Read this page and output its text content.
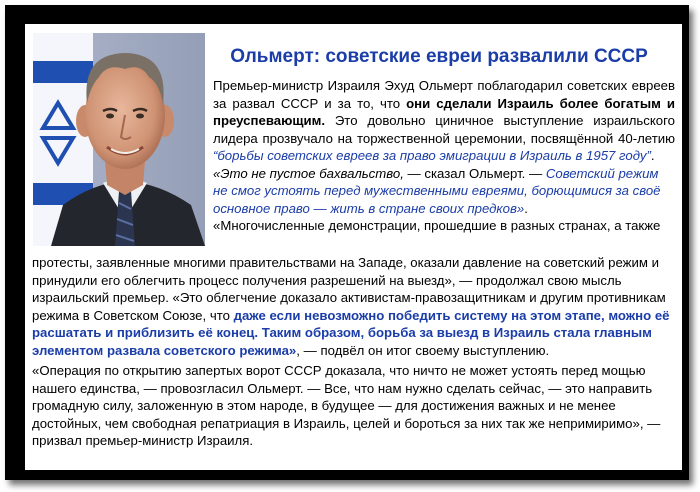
Ольмерт: советские евреи развалили СССР

Премьер-министр Израиля Эхуд Ольмерт поблагодарил советских евреев за развал СССР и за то, что они сделали Израиль более богатым и преуспевающим. Это довольно циничное выступление израильского лидера прозвучало на торжественной церемонии, посвящённой 40-летию “борьбы советских евреев за право эмиграции в Израиль в 1957 году”.

«Это не пустое бахвальство, — сказал Ольмерт. — Советский режим не смог устоять перед мужественными евреями, борющимися за своё основное право — жить в стране своих предков».

«Многочисленные демонстрации, прошедшие в разных странах, а также

протесты, заявленные многими правительствами на Западе, оказали давление на советский режим и принудили его облегчить процесс получения разрешений на выезд», — продолжал свою мысль израильский премьер. «Это облегчение доказало активистам-правозащитникам и другим противникам режима в Советском Союзе, что даже если невозможно победить систему на этом этапе, можно её расшатать и приблизить её конец. Таким образом, борьба за выезд в Израиль стала главным элементом развала советского режима», — подвёл он итог своему выступлению.

«Операция по открытию запертых ворот СССР доказала, что ничто не может устоять перед мощью нашего единства, — провозгласил Ольмерт. — Все, что нам нужно сделать сейчас, — это направить громадную силу, заложенную в этом народе, в будущее — для достижения важных и не менее достойных, чем свободная репатриация в Израиль, целей и бороться за них так же непримиримо», — призвал премьер-министр Израиля.
